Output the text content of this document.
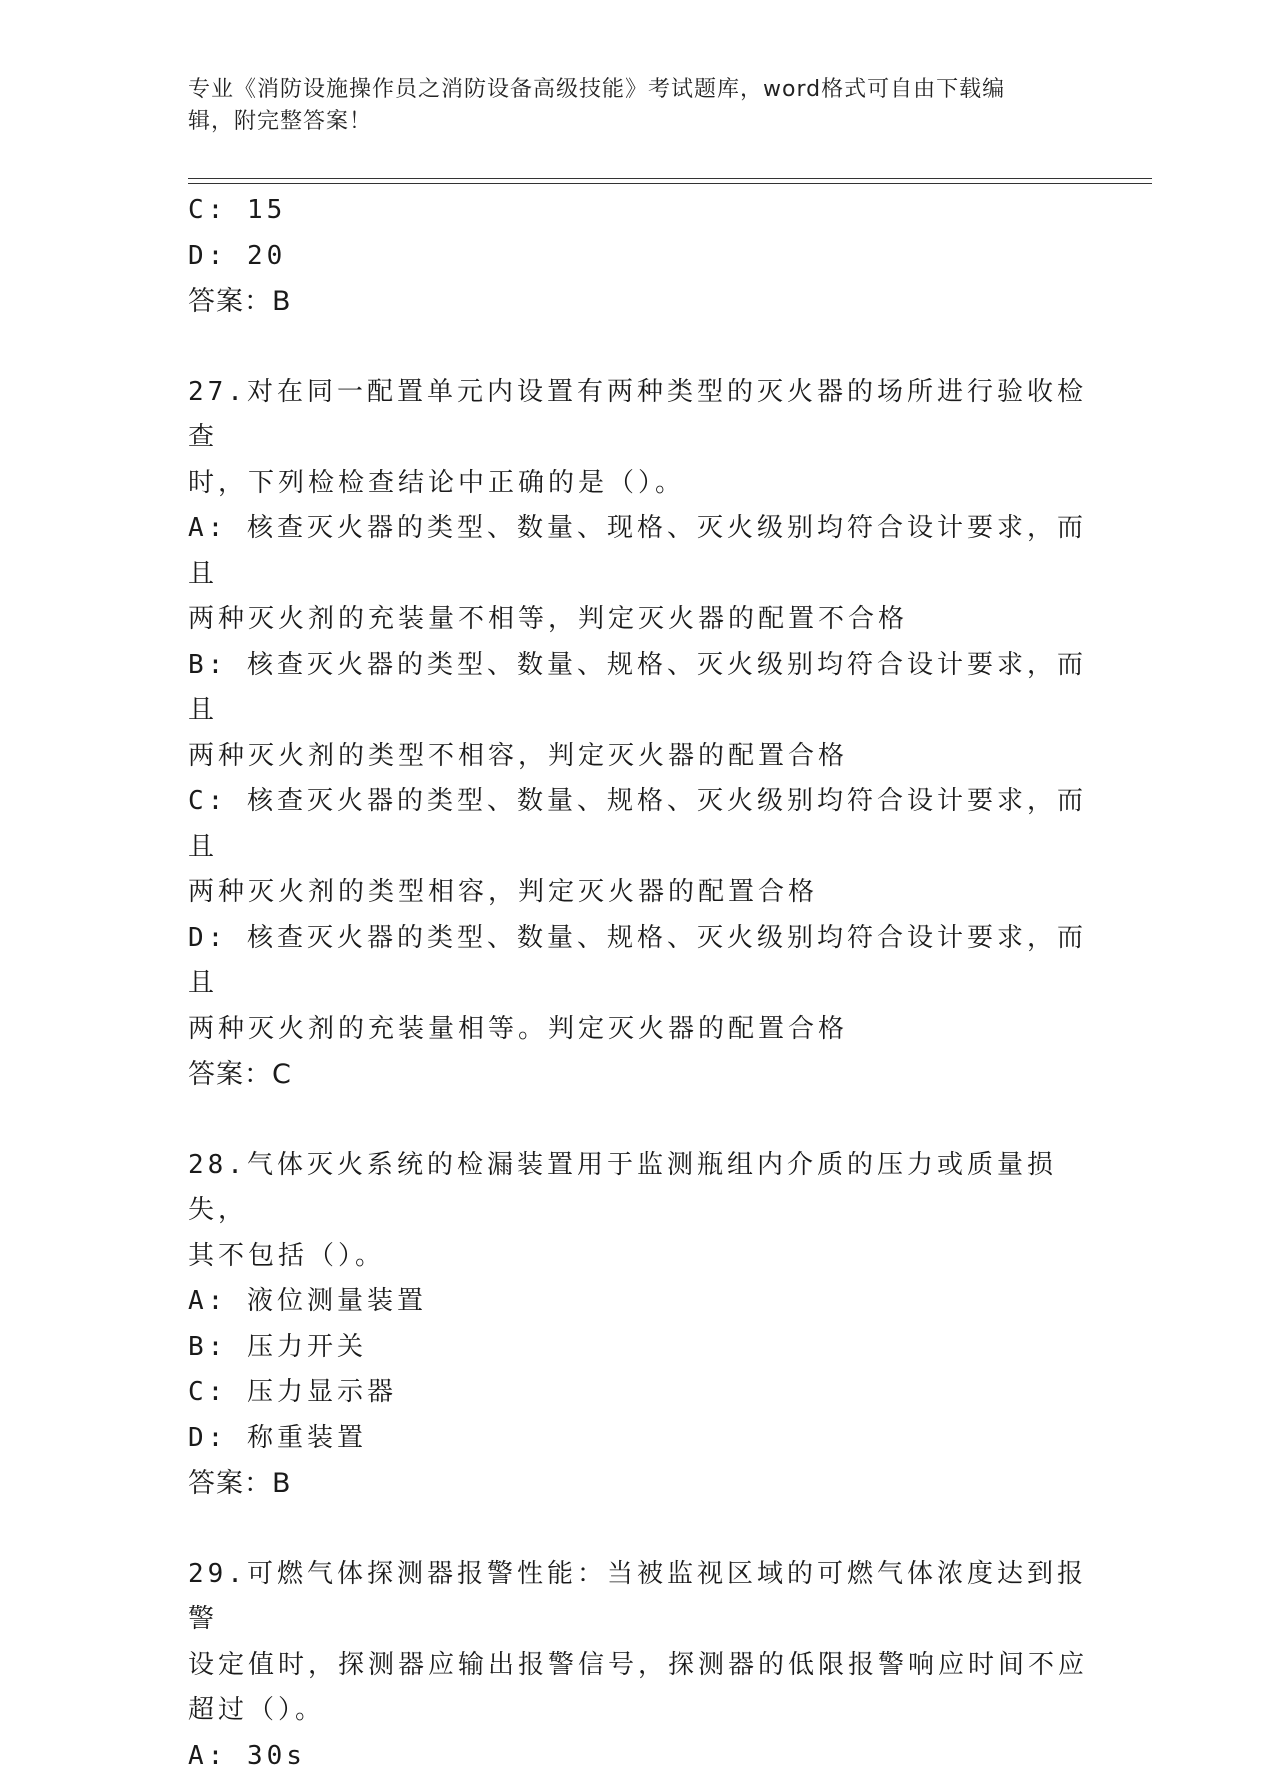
专业《消防设施操作员之消防设备高级技能》考试题库，word格式可自由下载编
辑，附完整答案！
C: 15
D: 20
答案：B
27.对在同一配置单元内设置有两种类型的灭火器的场所进行验收检查
时，下列检检查结论中正确的是（）。
A: 核查灭火器的类型、数量、现格、灭火级别均符合设计要求，而且
两种灭火剂的充装量不相等，判定灭火器的配置不合格
B: 核查灭火器的类型、数量、规格、灭火级别均符合设计要求，而且
两种灭火剂的类型不相容，判定灭火器的配置合格
C: 核查灭火器的类型、数量、规格、灭火级别均符合设计要求，而且
两种灭火剂的类型相容，判定灭火器的配置合格
D: 核查灭火器的类型、数量、规格、灭火级别均符合设计要求，而且
两种灭火剂的充装量相等。判定灭火器的配置合格
答案：C
28.气体灭火系统的检漏装置用于监测瓶组内介质的压力或质量损失，
其不包括（）。
A: 液位测量装置
B: 压力开关
C: 压力显示器
D: 称重装置
答案：B
29.可燃气体探测器报警性能：当被监视区域的可燃气体浓度达到报警
设定值时，探测器应输出报警信号，探测器的低限报警响应时间不应
超过（）。
A: 30s
